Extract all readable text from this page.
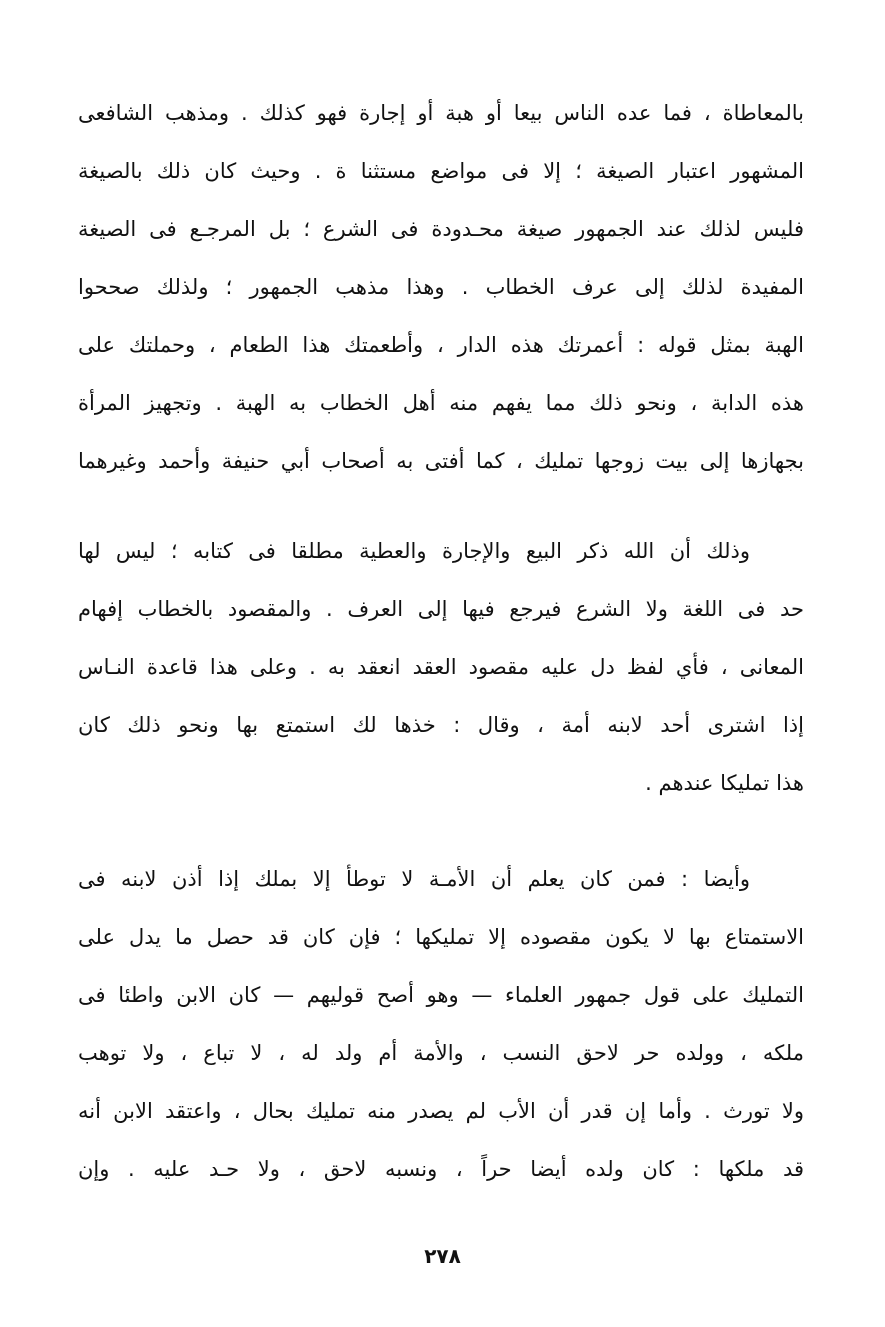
بالمعاطاة ، فما عده الناس بيعا أو هبة أو إجارة فهو كذلك . ومذهب الشافعى
المشهور اعتبار الصيغة ؛ إلا فى مواضع مستثنا ة . وحيث كان ذلك بالصيغة
فليس لذلك عند الجمهور صيغة محـدودة فى الشرع ؛ بل المرجـع فى الصيغة
المفيدة لذلك إلى عرف الخطاب . وهذا مذهب الجمهور ؛ ولذلك صححوا
الهبة بمثل قوله : أعمرتك هذه الدار ، وأطعمتك هذا الطعام ، وحملتك على
هذه الدابة ، ونحو ذلك مما يفهم منه أهل الخطاب به الهبة . وتجهيز المرأة
بجهازها إلى بيت زوجها تمليك ، كما أفتى به أصحاب أبي حنيفة وأحمد وغيرهما
وذلك أن الله ذكر البيع والإجارة والعطية مطلقا فى كتابه ؛ ليس لها
حد فى اللغة ولا الشرع فيرجع فيها إلى العرف . والمقصود بالخطاب إفهام
المعانى ، فأي لفظ دل عليه مقصود العقد انعقد به . وعلى هذا قاعدة النـاس
إذا اشترى أحد لابنه أمة ، وقال : خذها لك استمتع بها ونحو ذلك كان
هذا تمليكا عندهم .
وأيضا : فمن كان يعلم أن الأمـة لا توطأ إلا بملك إذا أذن لابنه فى
الاستمتاع بها لا يكون مقصوده إلا تمليكها ؛ فإن كان قد حصل ما يدل على
التمليك على قول جمهور العلماء — وهو أصح قوليهم — كان الابن واطئا فى
ملكه ، وولده حر لاحق النسب ، والأمة أم ولد له ، لا تباع ، ولا توهب
ولا تورث . وأما إن قدر أن الأب لم يصدر منه تمليك بحال ، واعتقد الابن أنه
قد ملكها : كان ولده أيضا حراً ، ونسبه لاحق ، ولا حـد عليه . وإن
٢٧٨
